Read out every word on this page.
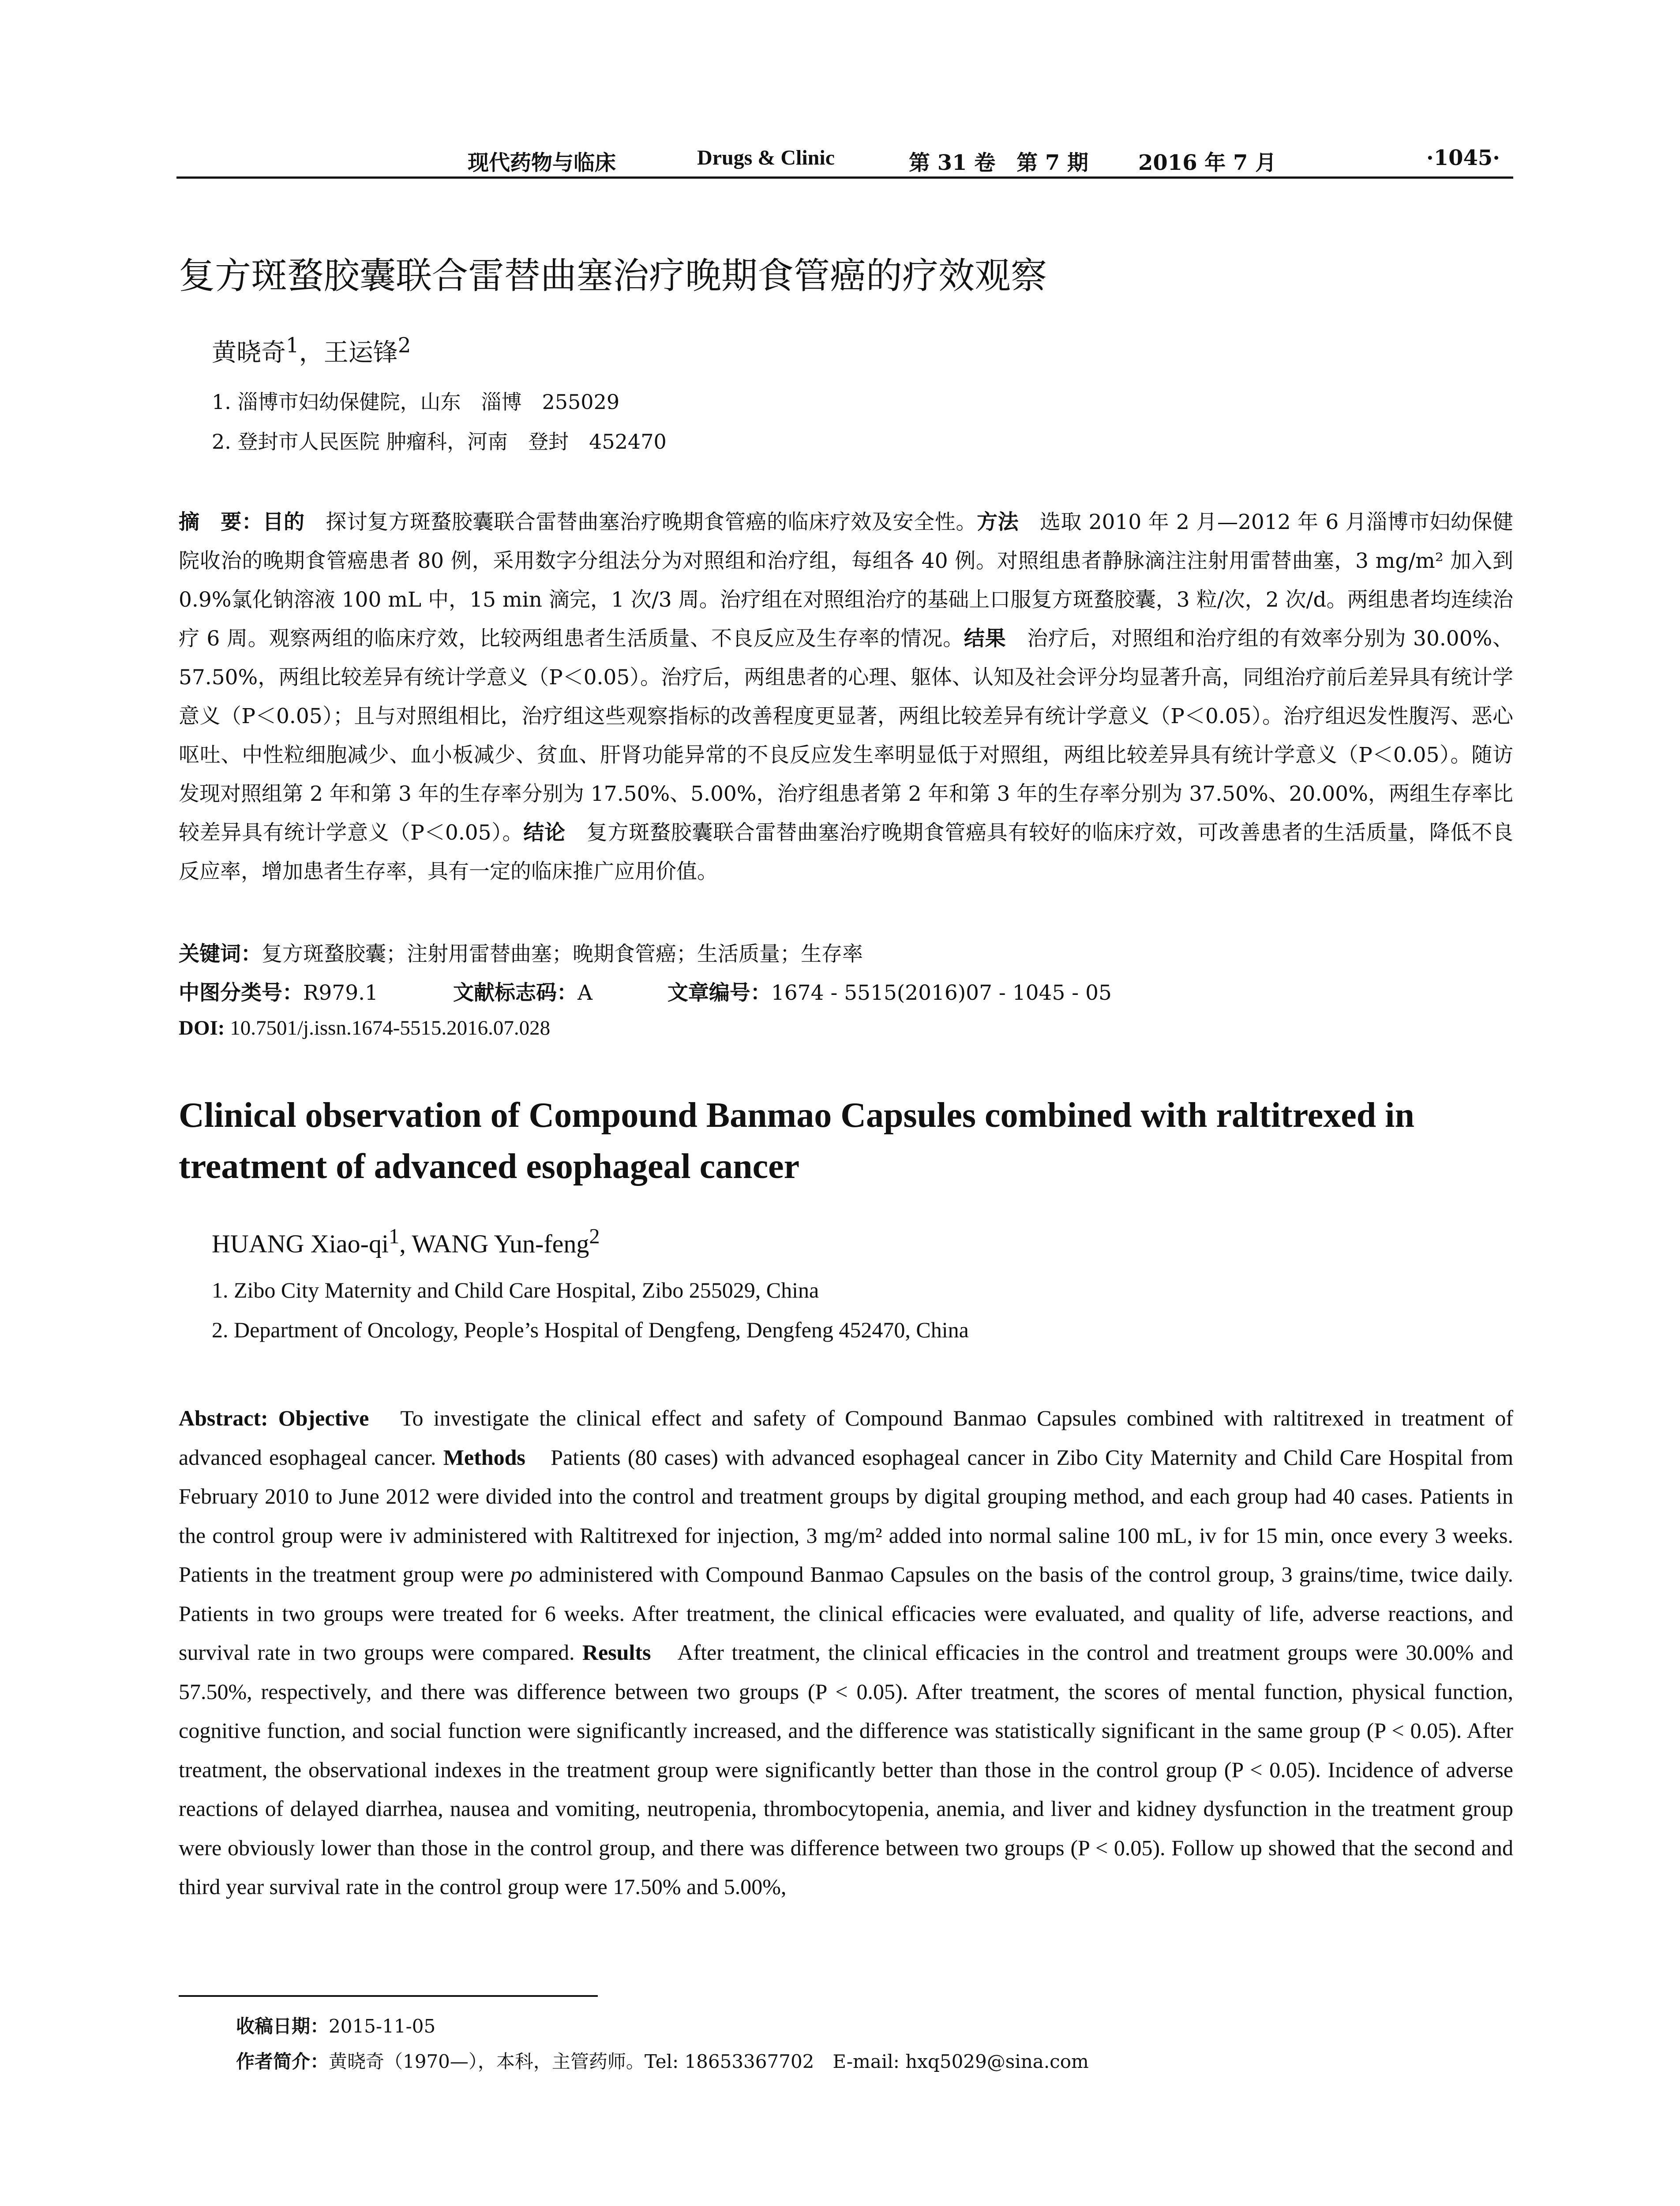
现代药物与临床	Drugs & Clinic	第 31 卷　第 7 期 2016 年 7 月	·1045·
复方斑蝥胶囊联合雷替曲塞治疗晚期食管癌的疗效观察
黄晓奇$^1$，王运锋$^2$
1. 淄博市妇幼保健院，山东　淄博　255029
2. 登封市人民医院 肿瘤科，河南　登封　452470
摘　要：目的　探讨复方斑蝥胶囊联合雷替曲塞治疗晚期食管癌的临床疗效及安全性。方法　选取 2010 年 2 月—2012 年 6 月淄博市妇幼保健院收治的晚期食管癌患者 80 例，采用数字分组法分为对照组和治疗组，每组各 40 例。对照组患者静脉滴注注射用雷替曲塞，3 mg/m² 加入到 0.9%氯化钠溶液 100 mL 中，15 min 滴完，1 次/3 周。治疗组在对照组治疗的基础上口服复方斑蝥胶囊，3 粒/次，2 次/d。两组患者均连续治疗 6 周。观察两组的临床疗效，比较两组患者生活质量、不良反应及生存率的情况。结果　治疗后，对照组和治疗组的有效率分别为 30.00%、57.50%，两组比较差异有统计学意义（P＜0.05）。治疗后，两组患者的心理、躯体、认知及社会评分均显著升高，同组治疗前后差异具有统计学意义（P＜0.05）；且与对照组相比，治疗组这些观察指标的改善程度更显著，两组比较差异有统计学意义（P＜0.05）。治疗组迟发性腹泻、恶心呕吐、中性粒细胞减少、血小板减少、贫血、肝肾功能异常的不良反应发生率明显低于对照组，两组比较差异具有统计学意义（P＜0.05）。随访发现对照组第 2 年和第 3 年的生存率分别为 17.50%、5.00%，治疗组患者第 2 年和第 3 年的生存率分别为 37.50%、20.00%，两组生存率比较差异具有统计学意义（P＜0.05）。结论　复方斑蝥胶囊联合雷替曲塞治疗晚期食管癌具有较好的临床疗效，可改善患者的生活质量，降低不良反应率，增加患者生存率，具有一定的临床推广应用价值。
关键词：复方斑蝥胶囊；注射用雷替曲塞；晚期食管癌；生活质量；生存率
中图分类号：R979.1	文献标志码：A	文章编号：1674 - 5515(2016)07 - 1045 - 05
DOI: 10.7501/j.issn.1674-5515.2016.07.028
Clinical observation of Compound Banmao Capsules combined with raltitrexed in treatment of advanced esophageal cancer
HUANG Xiao-$qi^1$, WANG Yun-feng$^2$
1. Zibo City Maternity and Child Care Hospital, Zibo 255029, China
2. Department of Oncology, People’s Hospital of Dengfeng, Dengfeng 452470, China
Abstract: Objective　To investigate the clinical effect and safety of Compound Banmao Capsules combined with raltitrexed in treatment of advanced esophageal cancer. Methods　Patients (80 cases) with advanced esophageal cancer in Zibo City Maternity and Child Care Hospital from February 2010 to June 2012 were divided into the control and treatment groups by digital grouping method, and each group had 40 cases. Patients in the control group were iv administered with Raltitrexed for injection, 3 mg/m² added into normal saline 100 mL, iv for 15 min, once every 3 weeks. Patients in the treatment group were po administered with Compound Banmao Capsules on the basis of the control group, 3 grains/time, twice daily. Patients in two groups were treated for 6 weeks. After treatment, the clinical efficacies were evaluated, and quality of life, adverse reactions, and survival rate in two groups were compared. Results　After treatment, the clinical efficacies in the control and treatment groups were 30.00% and 57.50%, respectively, and there was difference between two groups (P < 0.05). After treatment, the scores of mental function, physical function, cognitive function, and social function were significantly increased, and the difference was statistically significant in the same group (P < 0.05). After treatment, the observational indexes in the treatment group were significantly better than those in the control group (P < 0.05). Incidence of adverse reactions of delayed diarrhea, nausea and vomiting, neutropenia, thrombocytopenia, anemia, and liver and kidney dysfunction in the treatment group were obviously lower than those in the control group, and there was difference between two groups (P < 0.05). Follow up showed that the second and third year survival rate in the control group were 17.50% and 5.00%,
收稿日期：2015-11-05
作者简介：黄晓奇（1970—），本科，主管药师。Tel: 18653367702　E-mail: hxq5029@sina.com
